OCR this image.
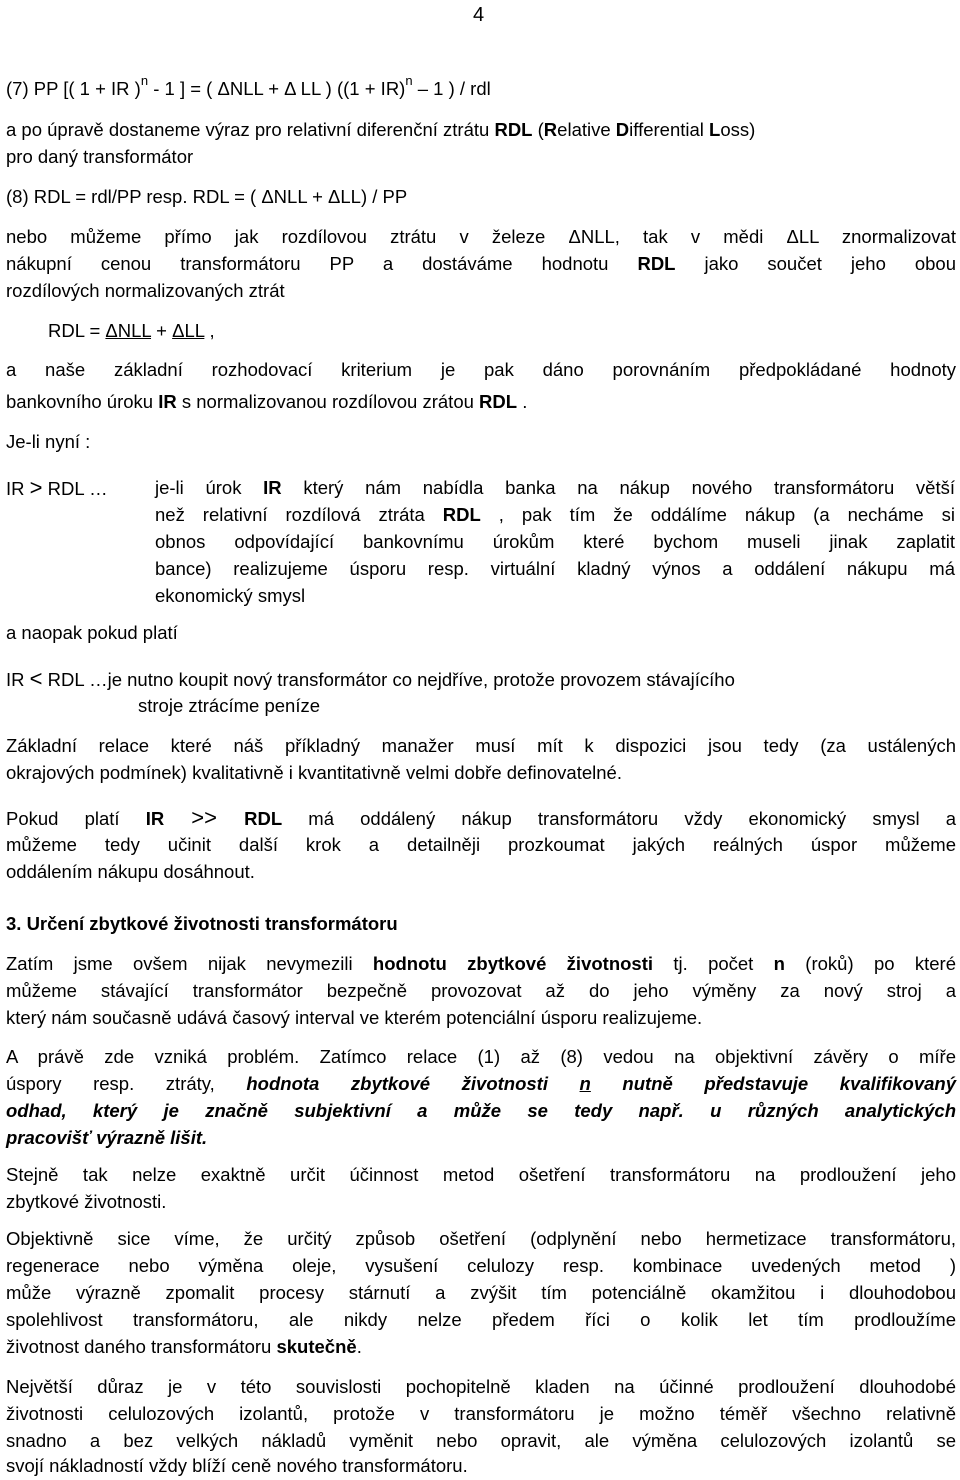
4
(7) PP [( 1 + IR )$^n$ - 1 ] = ( ΔNLL + Δ LL ) ((1 + IR)$^n$ – 1 ) / rdl
a po úpravě dostaneme výraz pro relativní diferenční ztrátu RDL (Relative Differential Loss)
pro daný transformátor
(8) RDL = rdl/PP resp. RDL = ( ΔNLL + ΔLL) / PP
nebo můžeme přímo jak rozdílovou ztrátu v železe ΔNLL, tak v mědi ΔLL znormalizovat
nákupní cenou transformátoru PP a dostáváme hodnotu RDL jako součet jeho obou
rozdílových normalizovaných ztrát
RDL = ΔNLL + ΔLL ,
a naše základní rozhodovací kriterium je pak dáno porovnáním předpokládané hodnoty
bankovního úroku IR s normalizovanou rozdílovou zrátou RDL .
Je-li nyní :
IR > RDL …	je-li úrok IR který nám nabídla banka na nákup nového transformátoru větší
než relativní rozdílová ztráta RDL , pak tím že oddálíme nákup (a necháme si
obnos odpovídající bankovnímu úrokům které bychom museli jinak zaplatit
bance) realizujeme úsporu resp. virtuální kladný výnos a oddálení nákupu má
ekonomický smysl
a naopak pokud platí
IR < RDL …je nutno koupit nový transformátor co nejdříve, protože provozem stávajícího
stroje ztrácíme peníze
Základní relace které náš příkladný manažer musí mít k dispozici jsou tedy (za ustálených
okrajových podmínek) kvalitativně i kvantitativně velmi dobře definovatelné.
Pokud platí IR >> RDL má oddálený nákup transformátoru vždy ekonomický smysl a
můžeme tedy učinit další krok a detailněji prozkoumat jakých reálných úspor můžeme
oddálením nákupu dosáhnout.
3. Určení zbytkové životnosti transformátoru
Zatím jsme ovšem nijak nevymezili hodnotu zbytkové životnosti tj. počet n (roků) po které
můžeme stávající transformátor bezpečně provozovat až do jeho výměny za nový stroj a
který nám současně udává časový interval ve kterém potenciální úsporu realizujeme.
A právě zde vzniká problém. Zatímco relace (1) až (8) vedou na objektivní závěry o míře
úspory resp. ztráty, hodnota zbytkové životnosti n nutně představuje kvalifikovaný
odhad, který je značně subjektivní a může se tedy např. u různých analytických
pracovišť výrazně lišit.
Stejně tak nelze exaktně určit účinnost metod ošetření transformátoru na prodloužení jeho
zbytkové životnosti.
Objektivně sice víme, že určitý způsob ošetření (odplynění nebo hermetizace transformátoru,
regenerace nebo výměna oleje, vysušení celulozy resp. kombinace uvedených metod )
může výrazně zpomalit procesy stárnutí a zvýšit tím potenciálně okamžitou i dlouhodobou
spolehlivost transformátoru, ale nikdy nelze předem říci o kolik let tím prodloužíme
životnost daného transformátoru skutečně.
Největší důraz je v této souvislosti pochopitelně kladen na účinné prodloužení dlouhodobé
životnosti celulozových izolantů, protože v transformátoru je možno téměř všechno relativně
snadno a bez velkých nákladů vyměnit nebo opravit, ale výměna celulozových izolantů se
svojí nákladností vždy blíží ceně nového transformátoru.
